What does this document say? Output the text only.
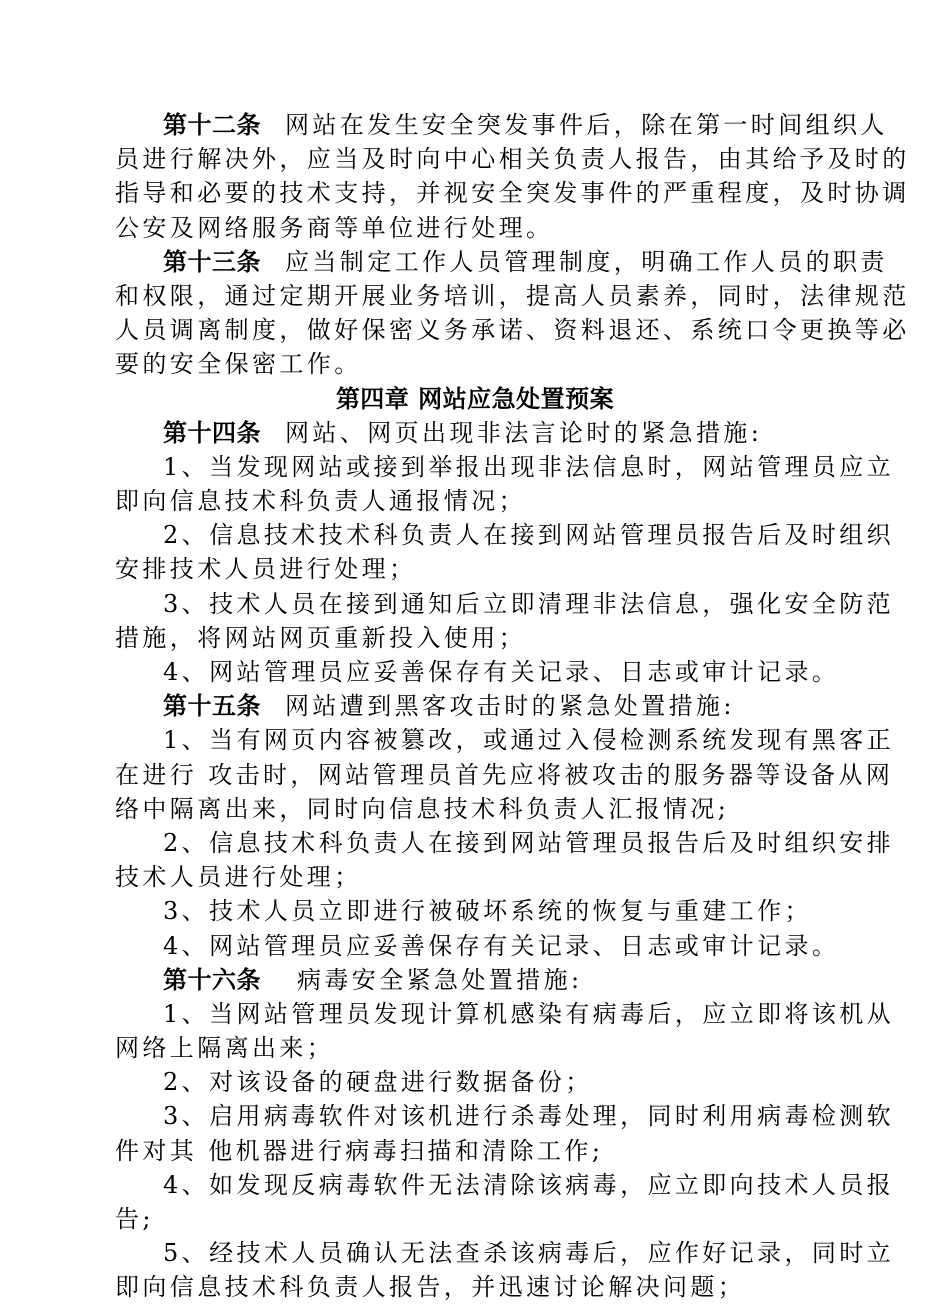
第十二条 网站在发生安全突发事件后，除在第一时间组织人
员进行解决外，应当及时向中心相关负责人报告，由其给予及时的
指导和必要的技术支持，并视安全突发事件的严重程度，及时协调
公安及网络服务商等单位进行处理。
第十三条 应当制定工作人员管理制度，明确工作人员的职责
和权限，通过定期开展业务培训，提高人员素养，同时，法律规范
人员调离制度，做好保密义务承诺、资料退还、系统口令更换等必
要的安全保密工作。
第四章 网站应急处置预案
第十四条 网站、网页出现非法言论时的紧急措施:
1、当发现网站或接到举报出现非法信息时，网站管理员应立
即向信息技术科负责人通报情况；
2、信息技术技术科负责人在接到网站管理员报告后及时组织
安排技术人员进行处理；
3、技术人员在接到通知后立即清理非法信息，强化安全防范
措施，将网站网页重新投入使用；
4、网站管理员应妥善保存有关记录、日志或审计记录。
第十五条 网站遭到黑客攻击时的紧急处置措施:
1、当有网页内容被篡改，或通过入侵检测系统发现有黑客正
在进行 攻击时，网站管理员首先应将被攻击的服务器等设备从网
络中隔离出来，同时向信息技术科负责人汇报情况;
2、信息技术科负责人在接到网站管理员报告后及时组织安排
技术人员进行处理；
3、技术人员立即进行被破坏系统的恢复与重建工作；
4、网站管理员应妥善保存有关记录、日志或审计记录。
第十六条 病毒安全紧急处置措施:
1、当网站管理员发现计算机感染有病毒后，应立即将该机从
网络上隔离出来；
2、对该设备的硬盘进行数据备份；
3、启用病毒软件对该机进行杀毒处理，同时利用病毒检测软
件对其 他机器进行病毒扫描和清除工作;
4、如发现反病毒软件无法清除该病毒，应立即向技术人员报
告;
5、经技术人员确认无法查杀该病毒后，应作好记录，同时立
即向信息技术科负责人报告，并迅速讨论解决问题；
